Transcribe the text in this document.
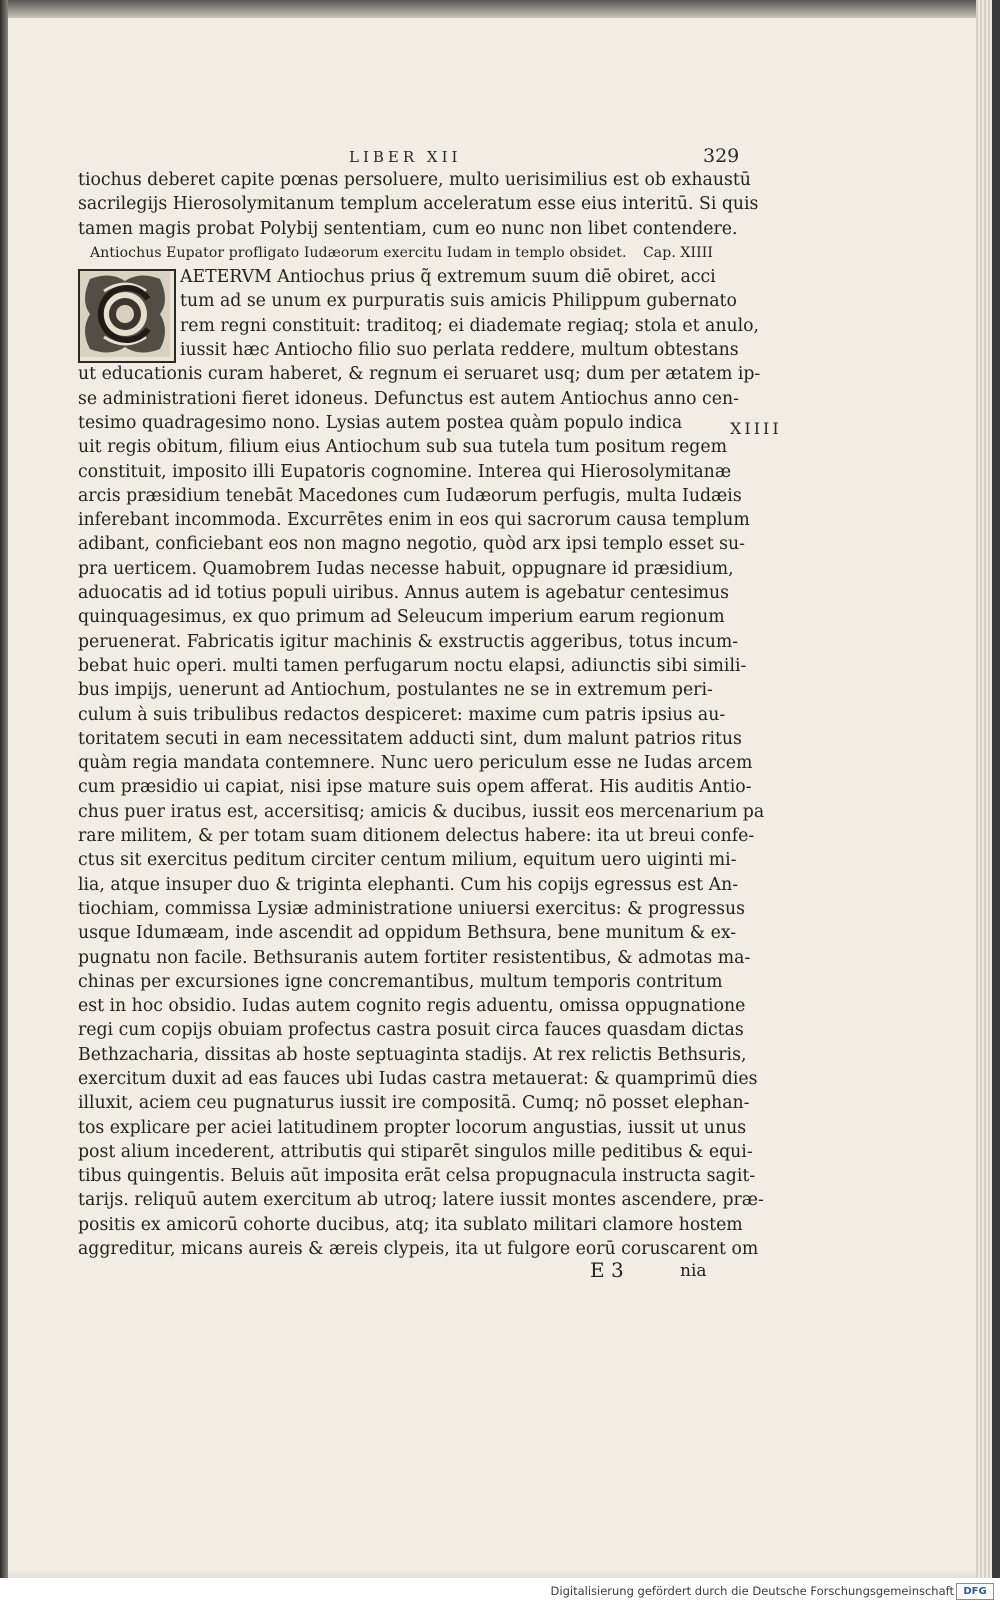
LIBER XII	329
tiochus deberet capite pœnas persoluere, multo uerisimilius est ob exhaustū
sacrilegijs Hierosolymitanum templum acceleratum esse eius interitū. Si quis
tamen magis probat Polybij sententiam, cum eo nunc non libet contendere.
Antiochus Eupator profligato Iudæorum exercitu Iudam in templo obsidet. Cap. XIIII
AETERVM Antiochus prius q̃ extremum suum diē obiret, acci
tum ad se unum ex purpuratis suis amicis Philippum gubernato
rem regni constituit: traditoq; ei diademate regiaq; stola et anulo,
iussit hæc Antiocho filio suo perlata reddere, multum obtestans
ut educationis curam haberet, & regnum ei seruaret usq; dum per ætatem ip-
se administrationi fieret idoneus. Defunctus est autem Antiochus anno cen-
tesimo quadragesimo nono. Lysias autem postea quàm populo indica
uit regis obitum, filium eius Antiochum sub sua tutela tum positum regem
constituit, imposito illi Eupatoris cognomine. Interea qui Hierosolymitanæ
arcis præsidium tenebāt Macedones cum Iudæorum perfugis, multa Iudæis
inferebant incommoda. Excurrētes enim in eos qui sacrorum causa templum
adibant, conficiebant eos non magno negotio, quòd arx ipsi templo esset su-
pra uerticem. Quamobrem Iudas necesse habuit, oppugnare id præsidium,
aduocatis ad id totius populi uiribus. Annus autem is agebatur centesimus
quinquagesimus, ex quo primum ad Seleucum imperium earum regionum
peruenerat. Fabricatis igitur machinis & exstructis aggeribus, totus incum-
bebat huic operi. multi tamen perfugarum noctu elapsi, adiunctis sibi simili-
bus impijs, uenerunt ad Antiochum, postulantes ne se in extremum peri-
culum à suis tribulibus redactos despiceret: maxime cum patris ipsius au-
toritatem secuti in eam necessitatem adducti sint, dum malunt patrios ritus
quàm regia mandata contemnere. Nunc uero periculum esse ne Iudas arcem
cum præsidio ui capiat, nisi ipse mature suis opem afferat. His auditis Antio-
chus puer iratus est, accersitisq; amicis & ducibus, iussit eos mercenarium pa
rare militem, & per totam suam ditionem delectus habere: ita ut breui confe-
ctus sit exercitus peditum circiter centum milium, equitum uero uiginti mi-
lia, atque insuper duo & triginta elephanti. Cum his copijs egressus est An-
tiochiam, commissa Lysiæ administratione uniuersi exercitus: & progressus
usque Idumæam, inde ascendit ad oppidum Bethsura, bene munitum & ex-
pugnatu non facile. Bethsuranis autem fortiter resistentibus, & admotas ma-
chinas per excursiones igne concremantibus, multum temporis contritum
est in hoc obsidio. Iudas autem cognito regis aduentu, omissa oppugnatione
regi cum copijs obuiam profectus castra posuit circa fauces quasdam dictas
Bethzacharia, dissitas ab hoste septuaginta stadijs. At rex relictis Bethsuris,
exercitum duxit ad eas fauces ubi Iudas castra metauerat: & quamprimū dies
illuxit, aciem ceu pugnaturus iussit ire compositā. Cumq; nō posset elephan-
tos explicare per aciei latitudinem propter locorum angustias, iussit ut unus
post alium incederent, attributis qui stiparēt singulos mille peditibus & equi-
tibus quingentis. Beluis aūt imposita erāt celsa propugnacula instructa sagit-
tarijs. reliquū autem exercitum ab utroq; latere iussit montes ascendere, præ-
positis ex amicorū cohorte ducibus, atq; ita sublato militari clamore hostem
aggreditur, micans aureis & æreis clypeis, ita ut fulgore eorū coruscarent om
XIIII
E 3	nia
Digitalisierung gefördert durch die Deutsche Forschungsgemeinschaft DFG
